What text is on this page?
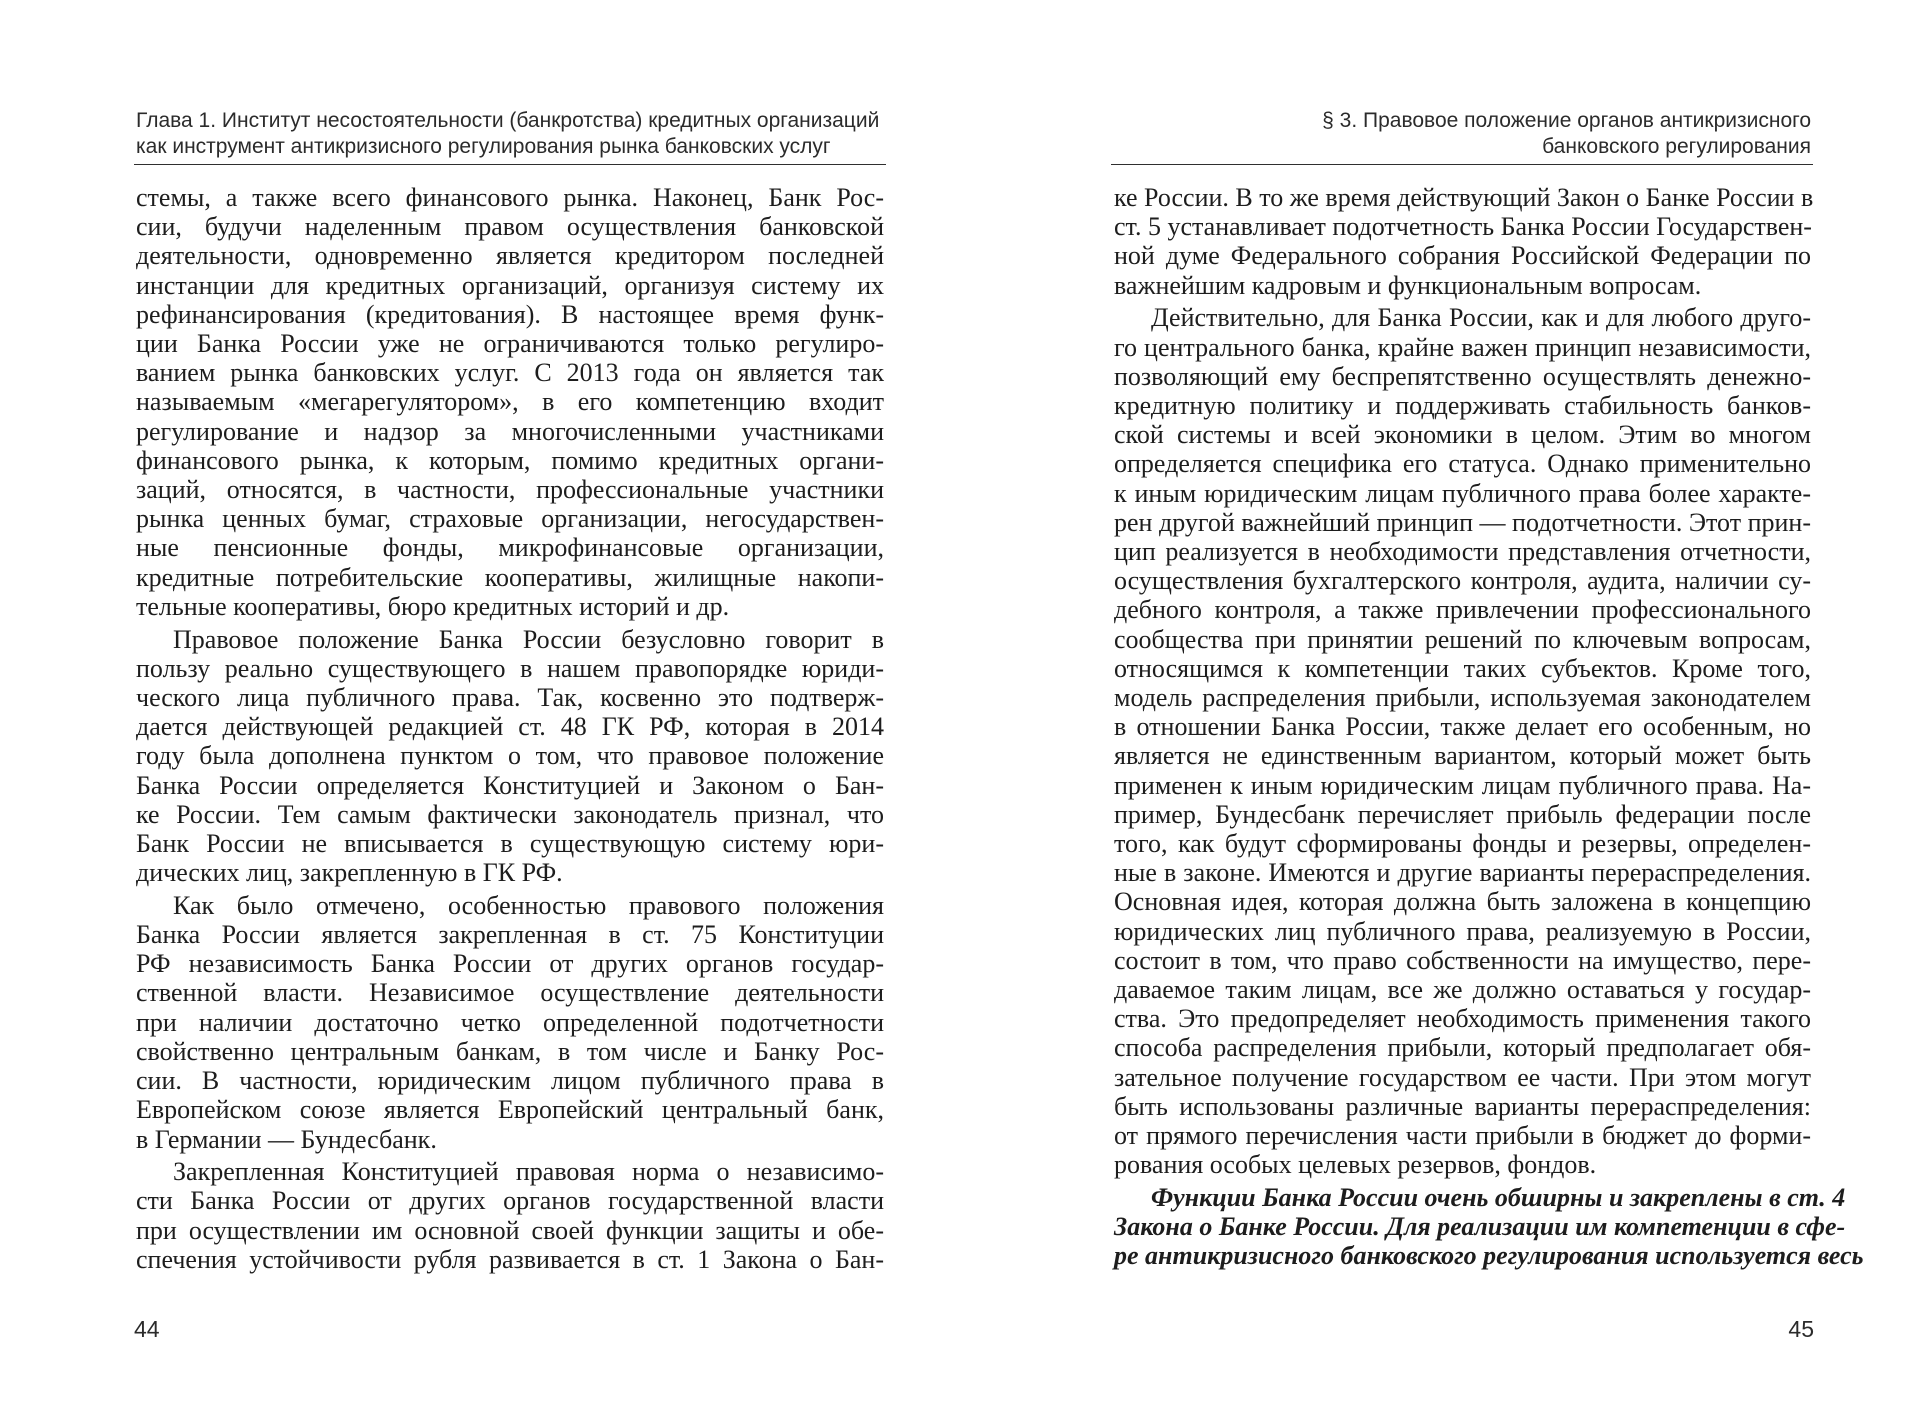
Глава 1. Институт несостоятельности (банкротства) кредитных организаций
как инструмент антикризисного регулирования рынка банковских услуг

стемы, а также всего финансового рынка. Наконец, Банк Рос-
сии, будучи наделенным правом осуществления банковской
деятельности, одновременно является кредитором последней
инстанции для кредитных организаций, организуя систему их
рефинансирования (кредитования). В настоящее время функ-
ции Банка России уже не ограничиваются только регулиро-
ванием рынка банковских услуг. С 2013 года он является так
называемым «мегарегулятором», в его компетенцию входит
регулирование и надзор за многочисленными участниками
финансового рынка, к которым, помимо кредитных органи-
заций, относятся, в частности, профессиональные участники
рынка ценных бумаг, страховые организации, негосударствен-
ные пенсионные фонды, микрофинансовые организации,
кредитные потребительские кооперативы, жилищные накопи-
тельные кооперативы, бюро кредитных историй и др.

Правовое положение Банка России безусловно говорит в
пользу реально существующего в нашем правопорядке юриди-
ческого лица публичного права. Так, косвенно это подтверж-
дается действующей редакцией ст. 48 ГК РФ, которая в 2014
году была дополнена пунктом о том, что правовое положение
Банка России определяется Конституцией и Законом о Бан-
ке России. Тем самым фактически законодатель признал, что
Банк России не вписывается в существующую систему юри-
дических лиц, закрепленную в ГК РФ.

Как было отмечено, особенностью правового положения
Банка России является закрепленная в ст. 75 Конституции
РФ независимость Банка России от других органов государ-
ственной власти. Независимое осуществление деятельности
при наличии достаточно четко определенной подотчетности
свойственно центральным банкам, в том числе и Банку Рос-
сии. В частности, юридическим лицом публичного права в
Европейском союзе является Европейский центральный банк,
в Германии — Бундесбанк.

Закрепленная Конституцией правовая норма о независимо-
сти Банка России от других органов государственной власти
при осуществлении им основной своей функции защиты и обе-
спечения устойчивости рубля развивается в ст. 1 Закона о Бан-

44
§ 3. Правовое положение органов антикризисного
банковского регулирования

ке России. В то же время действующий Закон о Банке России в
ст. 5 устанавливает подотчетность Банка России Государствен-
ной думе Федерального собрания Российской Федерации по
важнейшим кадровым и функциональным вопросам.

Действительно, для Банка России, как и для любого друго-
го центрального банка, крайне важен принцип независимости,
позволяющий ему беспрепятственно осуществлять денежно-
кредитную политику и поддерживать стабильность банков-
ской системы и всей экономики в целом. Этим во многом
определяется специфика его статуса. Однако применительно
к иным юридическим лицам публичного права более характе-
рен другой важнейший принцип — подотчетности. Этот прин-
цип реализуется в необходимости представления отчетности,
осуществления бухгалтерского контроля, аудита, наличии су-
дебного контроля, а также привлечении профессионального
сообщества при принятии решений по ключевым вопросам,
относящимся к компетенции таких субъектов. Кроме того,
модель распределения прибыли, используемая законодателем
в отношении Банка России, также делает его особенным, но
является не единственным вариантом, который может быть
применен к иным юридическим лицам публичного права. На-
пример, Бундесбанк перечисляет прибыль федерации после
того, как будут сформированы фонды и резервы, определен-
ные в законе. Имеются и другие варианты перераспределения.
Основная идея, которая должна быть заложена в концепцию
юридических лиц публичного права, реализуемую в России,
состоит в том, что право собственности на имущество, пере-
даваемое таким лицам, все же должно оставаться у государ-
ства. Это предопределяет необходимость применения такого
способа распределения прибыли, который предполагает обя-
зательное получение государством ее части. При этом могут
быть использованы различные варианты перераспределения:
от прямого перечисления части прибыли в бюджет до форми-
рования особых целевых резервов, фондов.

Функции Банка России очень обширны и закреплены в ст. 4
Закона о Банке России. Для реализации им компетенции в сфе-
ре антикризисного банковского регулирования используется весь

45
